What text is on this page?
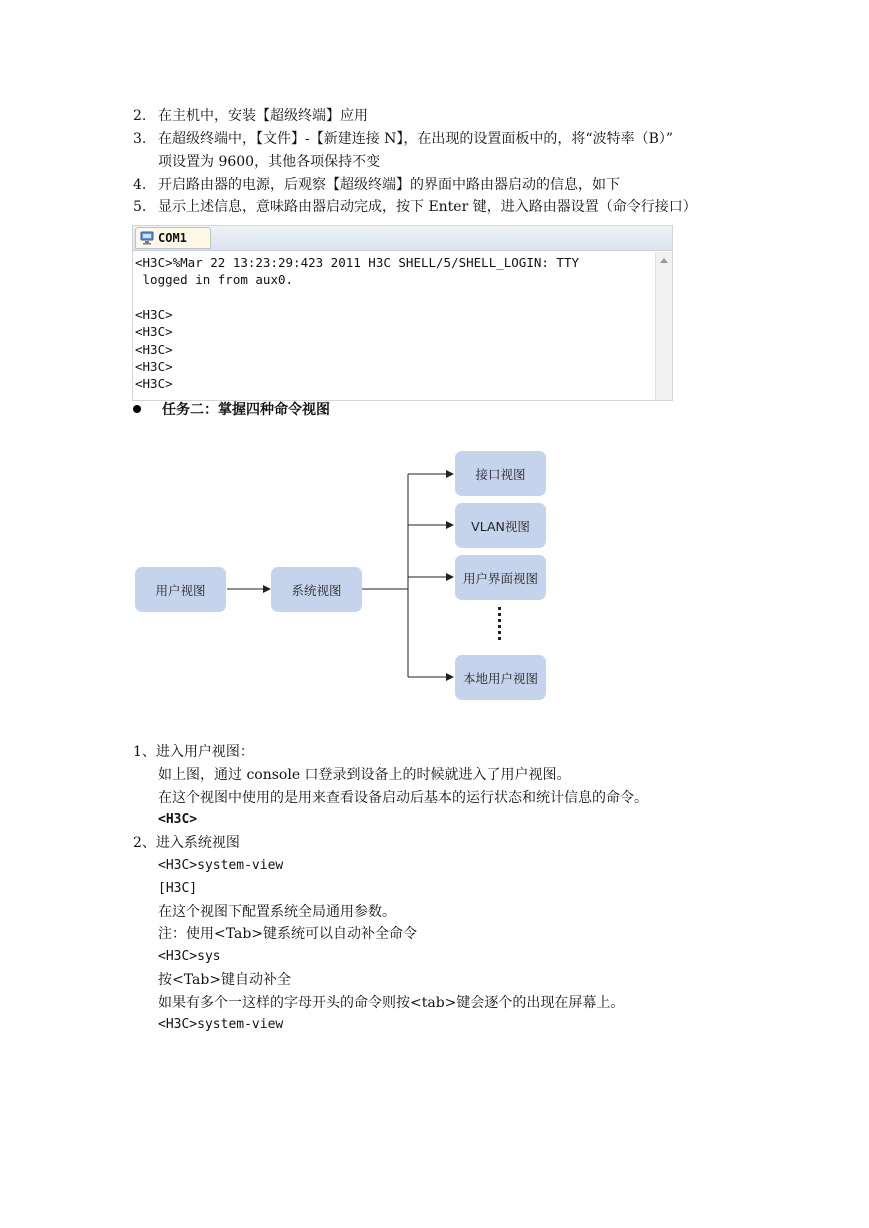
2. 在主机中，安装【超级终端】应用
3. 在超级终端中，【文件】-【新建连接 N】，在出现的设置面板中的，将“波特率（B）”
项设置为 9600，其他各项保持不变
4. 开启路由器的电源，后观察【超级终端】的界面中路由器启动的信息，如下
5. 显示上述信息，意味路由器启动完成，按下 Enter 键，进入路由器设置（命令行接口）
COM1
<H3C>%Mar 22 13:23:29:423 2011 H3C SHELL/5/SHELL_LOGIN: TTY
logged in from aux0.
<H3C>
<H3C>
<H3C>
<H3C>
<H3C>
任务二：掌握四种命令视图
用户视图	系统视图
接口视图
VLAN视图
用户界面视图
本地用户视图
1、进入用户视图：
如上图，通过 console 口登录到设备上的时候就进入了用户视图。
在这个视图中使用的是用来查看设备启动后基本的运行状态和统计信息的命令。
<H3C>
2、进入系统视图
<H3C>system-view
[H3C]
在这个视图下配置系统全局通用参数。
注：使用<Tab>键系统可以自动补全命令
<H3C>sys
按<Tab>键自动补全
如果有多个一这样的字母开头的命令则按<tab>键会逐个的出现在屏幕上。
<H3C>system-view
